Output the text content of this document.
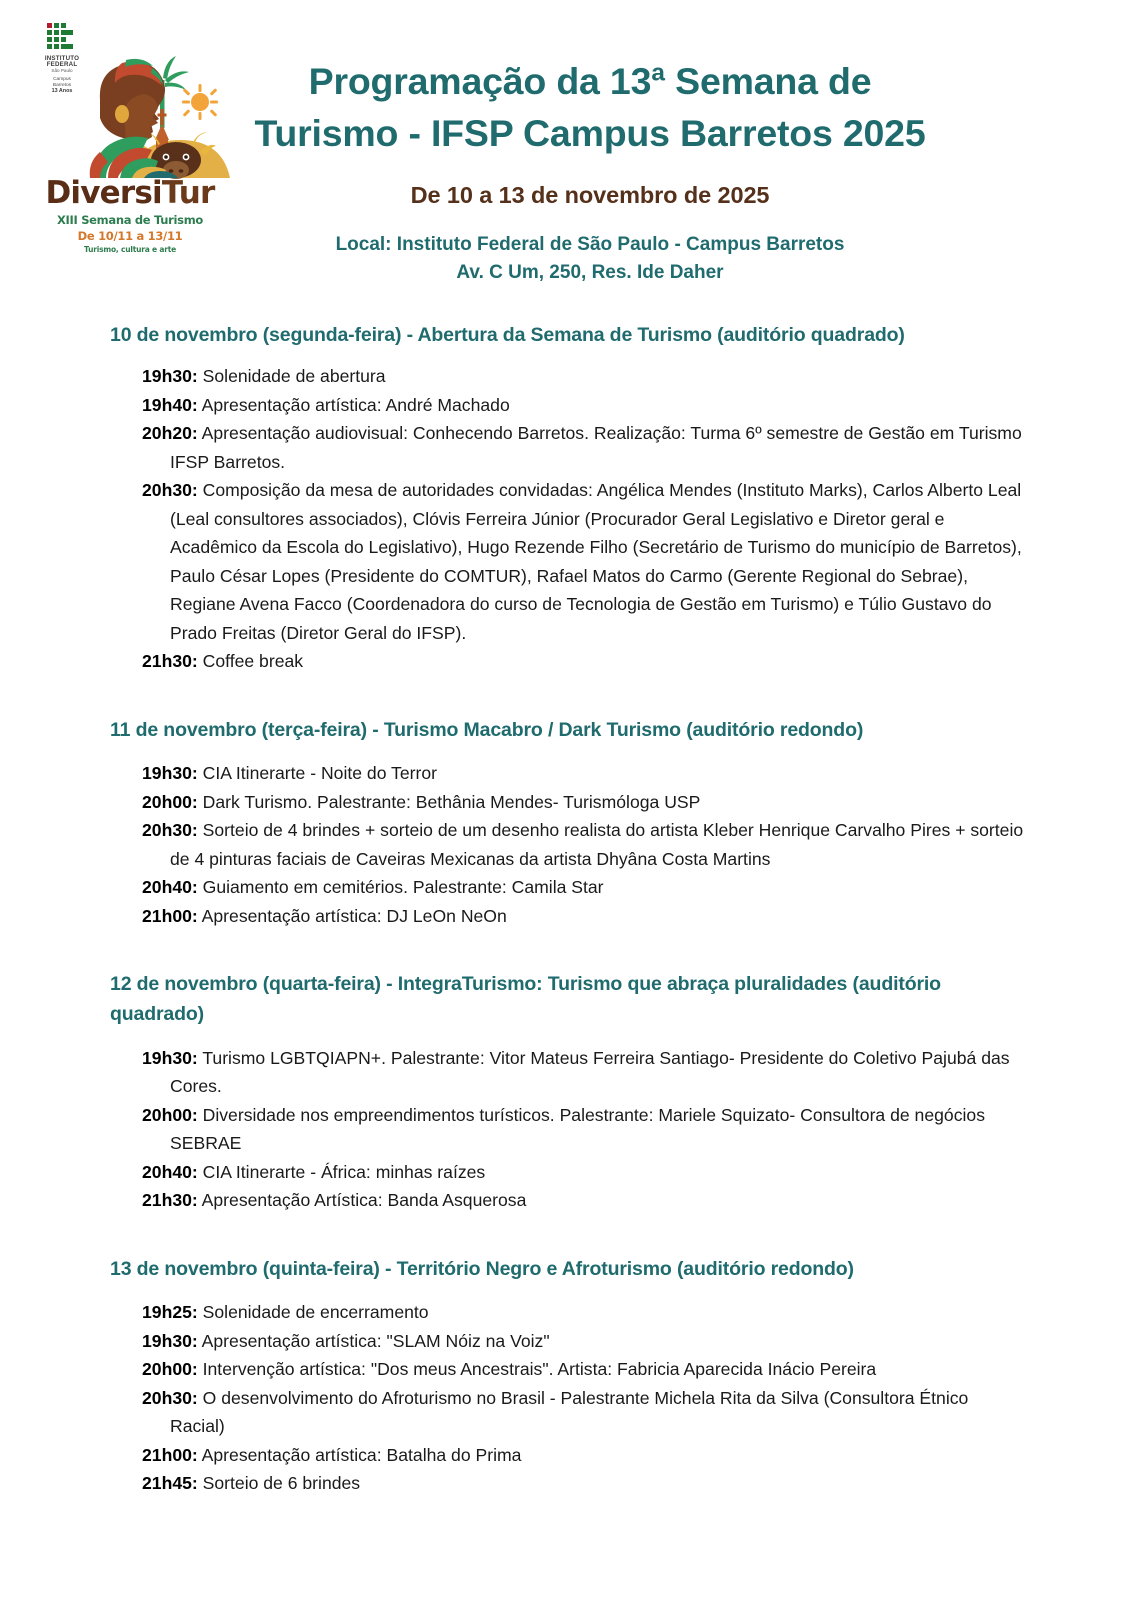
INSTITUTO
FEDERAL
São Paulo
Campus
Barretos
13 Anos
DiversiTur
XIII Semana de Turismo
De 10/11 a 13/11
Turismo, cultura e arte
Programação da 13ª Semana de
Turismo - IFSP Campus Barretos 2025
De 10 a 13 de novembro de 2025
Local: Instituto Federal de São Paulo - Campus Barretos
Av. C Um, 250, Res. Ide Daher
10 de novembro (segunda-feira) - Abertura da Semana de Turismo (auditório quadrado)

19h30: Solenidade de abertura

19h40: Apresentação artística: André Machado

20h20: Apresentação audiovisual: Conhecendo Barretos. Realização: Turma 6º semestre de Gestão em Turismo IFSP Barretos.

20h30: Composição da mesa de autoridades convidadas: Angélica Mendes (Instituto Marks), Carlos Alberto Leal (Leal consultores associados), Clóvis Ferreira Júnior (Procurador Geral Legislativo e Diretor geral e Acadêmico da Escola do Legislativo), Hugo Rezende Filho (Secretário de Turismo do município de Barretos), Paulo César Lopes (Presidente do COMTUR), Rafael Matos do Carmo (Gerente Regional do Sebrae), Regiane Avena Facco (Coordenadora do curso de Tecnologia de Gestão em Turismo) e Túlio Gustavo do Prado Freitas (Diretor Geral do IFSP).

21h30: Coffee break

11 de novembro (terça-feira) - Turismo Macabro / Dark Turismo (auditório redondo)

19h30: CIA Itinerarte - Noite do Terror

20h00: Dark Turismo. Palestrante: Bethânia Mendes- Turismóloga USP

20h30: Sorteio de 4 brindes + sorteio de um desenho realista do artista Kleber Henrique Carvalho Pires + sorteio de 4 pinturas faciais de Caveiras Mexicanas da artista Dhyâna Costa Martins

20h40: Guiamento em cemitérios. Palestrante: Camila Star

21h00: Apresentação artística: DJ LeOn NeOn

12 de novembro (quarta-feira) - IntegraTurismo: Turismo que abraça pluralidades (auditório quadrado)

19h30: Turismo LGBTQIAPN+. Palestrante: Vitor Mateus Ferreira Santiago- Presidente do Coletivo Pajubá das Cores.

20h00: Diversidade nos empreendimentos turísticos. Palestrante: Mariele Squizato- Consultora de negócios SEBRAE

20h40: CIA Itinerarte - África: minhas raízes

21h30: Apresentação Artística: Banda Asquerosa

13 de novembro (quinta-feira) - Território Negro e Afroturismo (auditório redondo)

19h25: Solenidade de encerramento

19h30: Apresentação artística: "SLAM Nóiz na Voiz"

20h00: Intervenção artística: "Dos meus Ancestrais". Artista: Fabricia Aparecida Inácio Pereira

20h30: O desenvolvimento do Afroturismo no Brasil - Palestrante Michela Rita da Silva (Consultora Étnico Racial)

21h00: Apresentação artística: Batalha do Prima

21h45: Sorteio de 6 brindes
